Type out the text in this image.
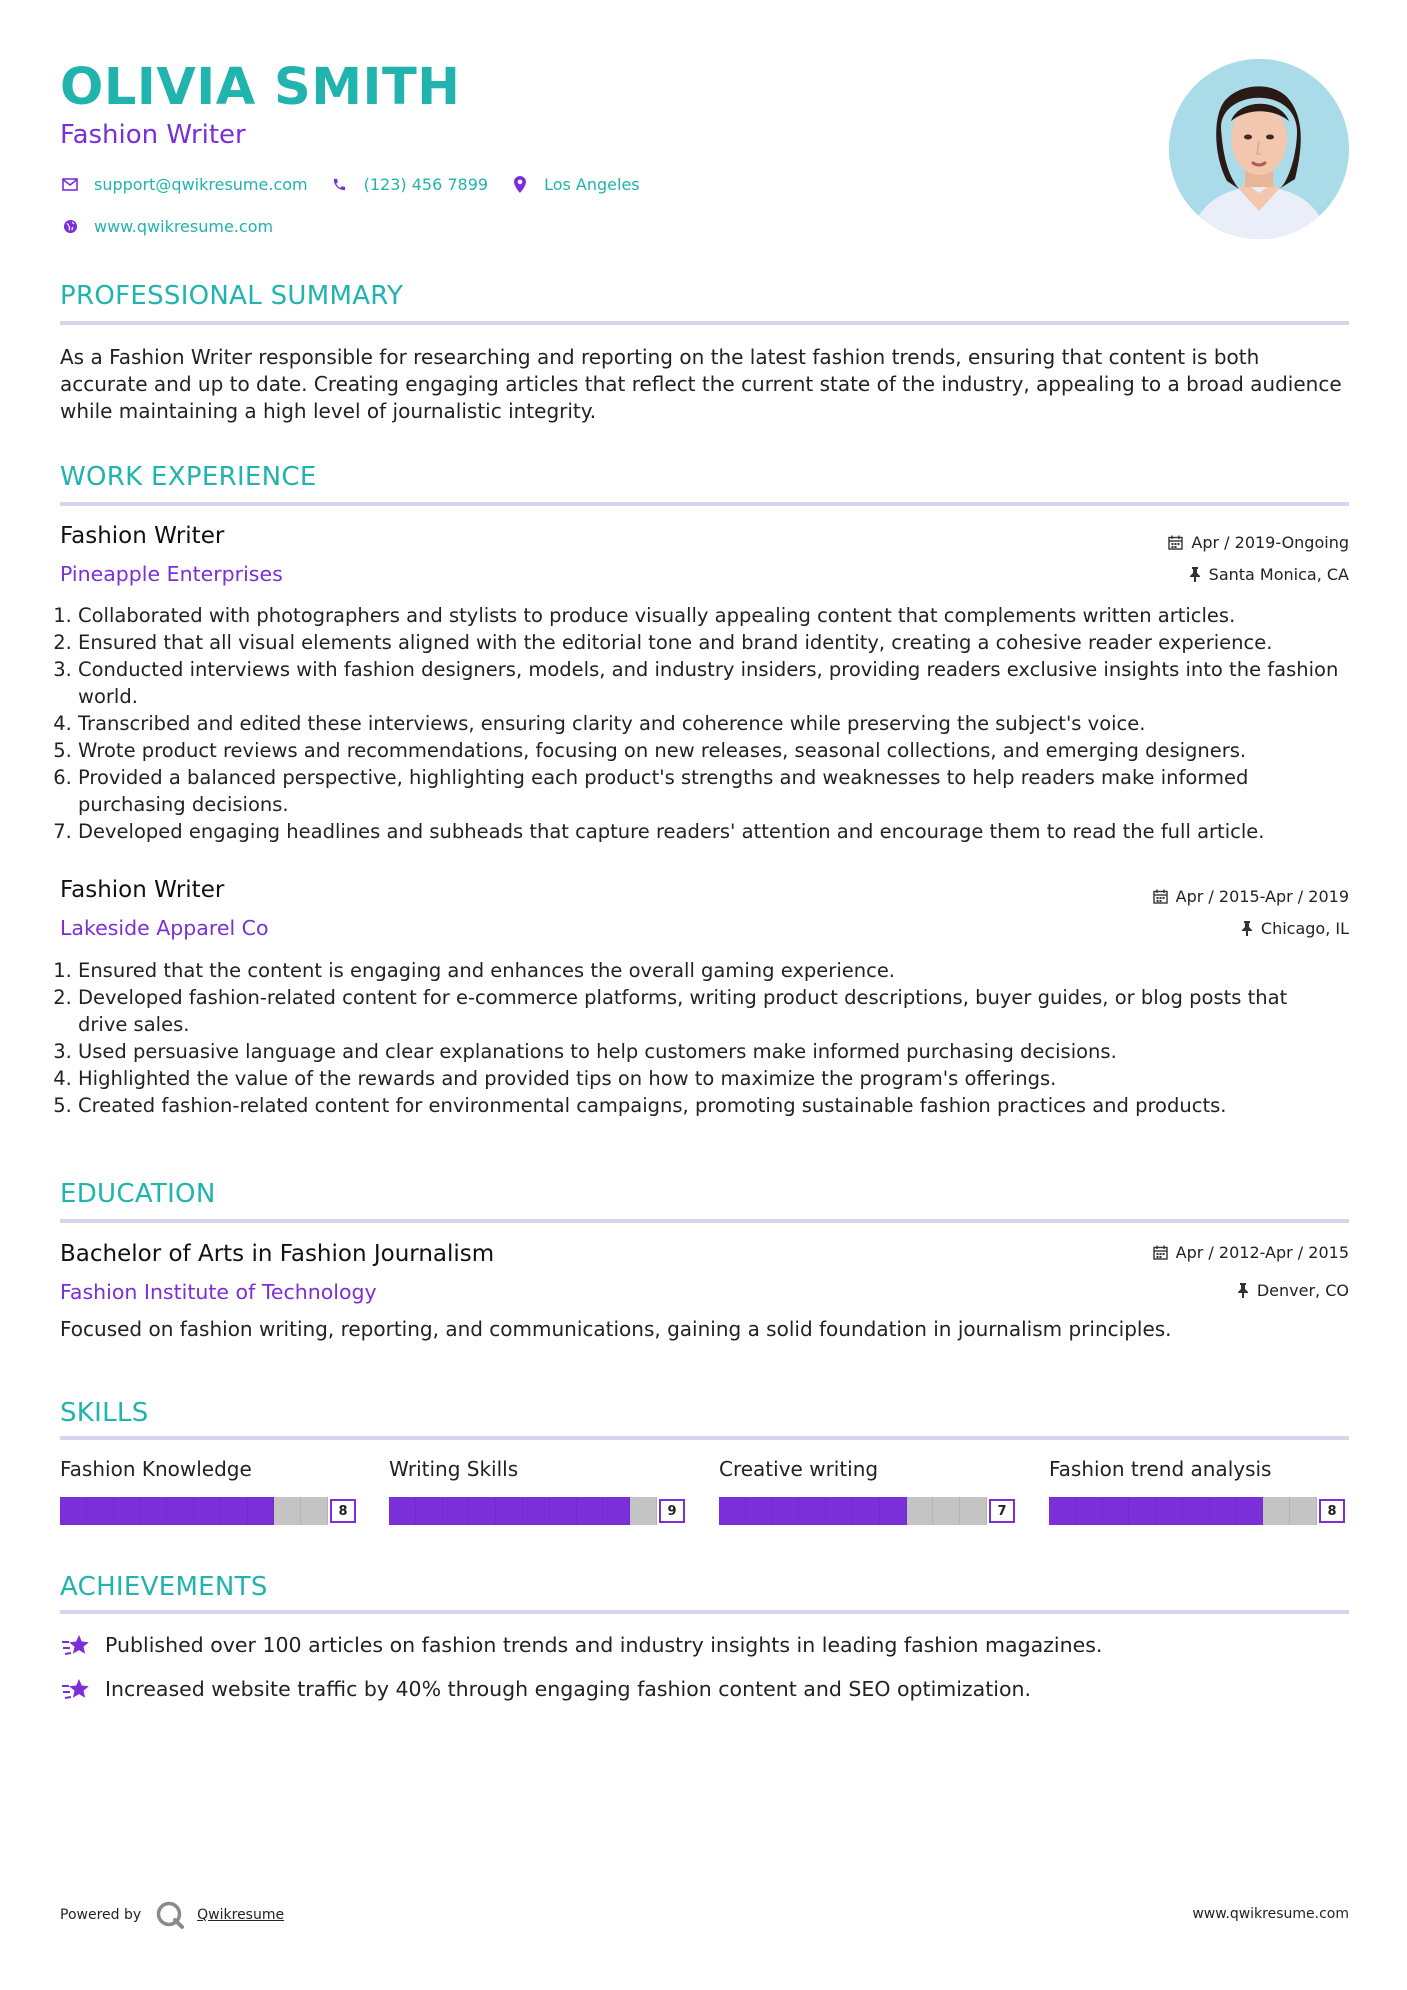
OLIVIA SMITH
Fashion Writer
support@qwikresume.com	(123) 456 7899	Los Angeles
www.qwikresume.com
PROFESSIONAL SUMMARY
As a Fashion Writer responsible for researching and reporting on the latest fashion trends, ensuring that content is both accurate and up to date. Creating engaging articles that reflect the current state of the industry, appealing to a broad audience while maintaining a high level of journalistic integrity.
WORK EXPERIENCE
Fashion Writer
Pineapple Enterprises
Apr / 2019-Ongoing
Santa Monica, CA
1. Collaborated with photographers and stylists to produce visually appealing content that complements written articles.
2. Ensured that all visual elements aligned with the editorial tone and brand identity, creating a cohesive reader experience.
3. Conducted interviews with fashion designers, models, and industry insiders, providing readers exclusive insights into the fashion world.
4. Transcribed and edited these interviews, ensuring clarity and coherence while preserving the subject's voice.
5. Wrote product reviews and recommendations, focusing on new releases, seasonal collections, and emerging designers.
6. Provided a balanced perspective, highlighting each product's strengths and weaknesses to help readers make informed purchasing decisions.
7. Developed engaging headlines and subheads that capture readers' attention and encourage them to read the full article.
Fashion Writer
Lakeside Apparel Co
Apr / 2015-Apr / 2019
Chicago, IL
1. Ensured that the content is engaging and enhances the overall gaming experience.
2. Developed fashion-related content for e-commerce platforms, writing product descriptions, buyer guides, or blog posts that drive sales.
3. Used persuasive language and clear explanations to help customers make informed purchasing decisions.
4. Highlighted the value of the rewards and provided tips on how to maximize the program's offerings.
5. Created fashion-related content for environmental campaigns, promoting sustainable fashion practices and products.
EDUCATION
Bachelor of Arts in Fashion Journalism
Fashion Institute of Technology
Apr / 2012-Apr / 2015
Denver, CO
Focused on fashion writing, reporting, and communications, gaining a solid foundation in journalism principles.
SKILLS
Fashion Knowledge
8
Writing Skills
9
Creative writing
7
Fashion trend analysis
8
ACHIEVEMENTS
Published over 100 articles on fashion trends and industry insights in leading fashion magazines.
Increased website traffic by 40% through engaging fashion content and SEO optimization.
Powered by	Qwikresume	www.qwikresume.com
